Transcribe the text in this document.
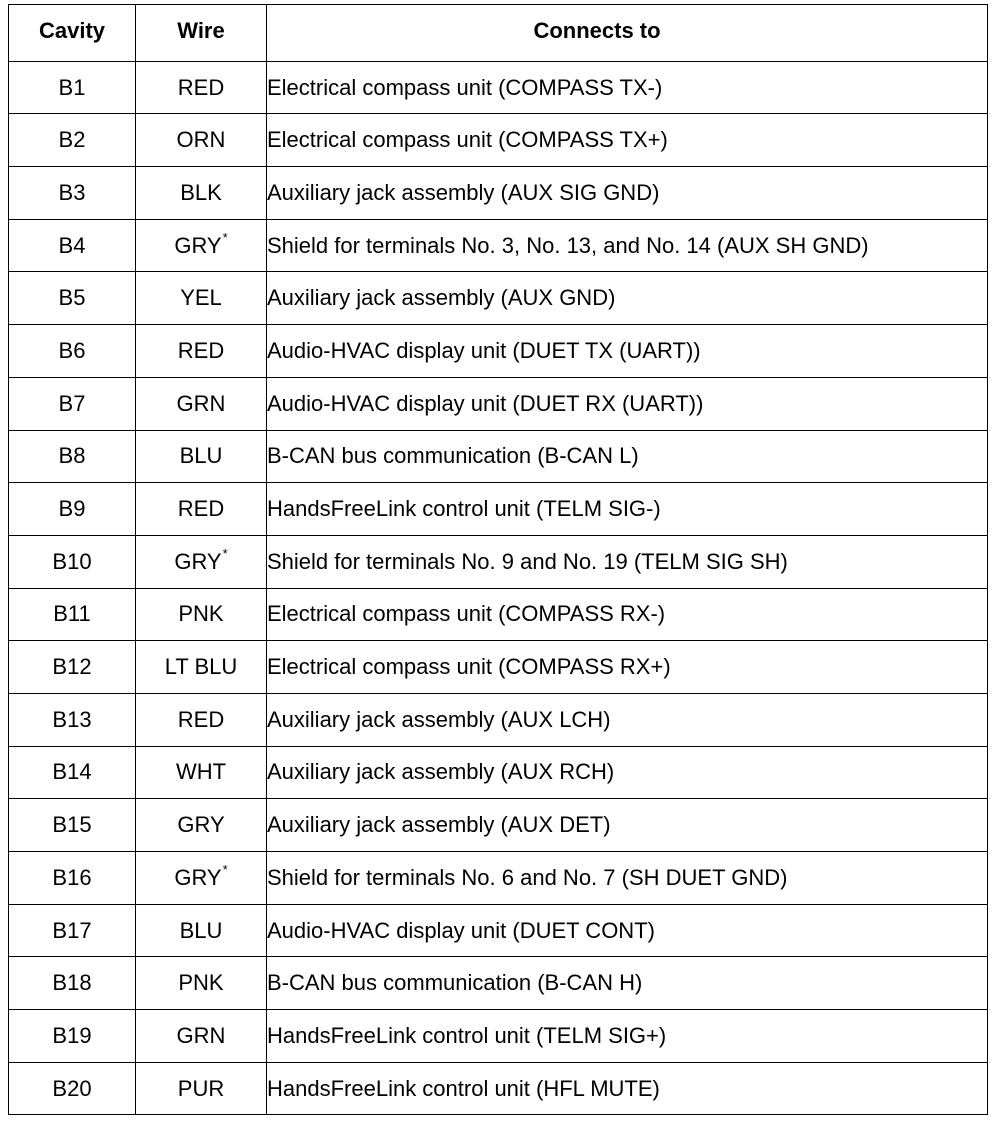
Cavity	Wire	Connects to
B1	RED	Electrical compass unit (COMPASS TX-)
B2	ORN	Electrical compass unit (COMPASS TX+)
B3	BLK	Auxiliary jack assembly (AUX SIG GND)
B4	GRY*	Shield for terminals No. 3, No. 13, and No. 14 (AUX SH GND)
B5	YEL	Auxiliary jack assembly (AUX GND)
B6	RED	Audio-HVAC display unit (DUET TX (UART))
B7	GRN	Audio-HVAC display unit (DUET RX (UART))
B8	BLU	B-CAN bus communication (B-CAN L)
B9	RED	HandsFreeLink control unit (TELM SIG-)
B10	GRY*	Shield for terminals No. 9 and No. 19 (TELM SIG SH)
B11	PNK	Electrical compass unit (COMPASS RX-)
B12	LT BLU	Electrical compass unit (COMPASS RX+)
B13	RED	Auxiliary jack assembly (AUX LCH)
B14	WHT	Auxiliary jack assembly (AUX RCH)
B15	GRY	Auxiliary jack assembly (AUX DET)
B16	GRY*	Shield for terminals No. 6 and No. 7 (SH DUET GND)
B17	BLU	Audio-HVAC display unit (DUET CONT)
B18	PNK	B-CAN bus communication (B-CAN H)
B19	GRN	HandsFreeLink control unit (TELM SIG+)
B20	PUR	HandsFreeLink control unit (HFL MUTE)
